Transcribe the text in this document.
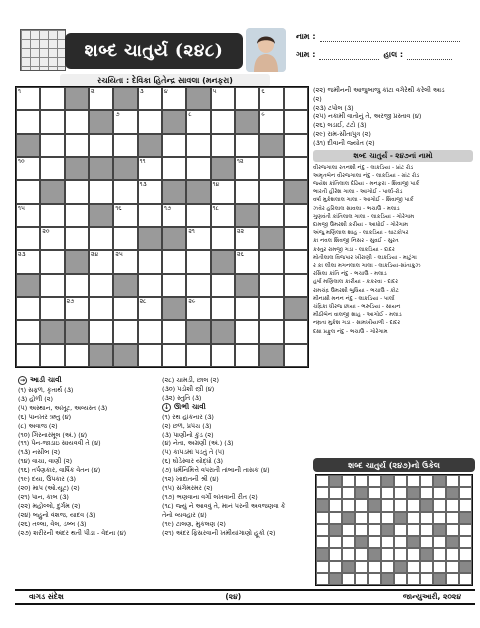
શબ્દ ચાતુર્ય (૨૪૮)
રચયિતા : દેવિકા હિતેન્દ્ર સાવલા (મનફરા)
નામ :
ગામ :	હાલ :
૧	૨	૩	૪	૫	૬
૭	૮	૯
૧૦	૧૧	૧૨
૧૩	૧૪
૧૫	૧૬	૧૭	૧૮
૨૦	૨૧	૨૨
૨૩	૨૪	૨૫	૨૬
૨૭	૨૮	૨૯
(૨૨) જમીનની આજુબાજુ કાંટા વગેરેથી કરેલી આડ
(૨)
(૨૩) ટપોલ (૩)
(૨૫) નકામી વાતોનું તે, અરજી પ્રસ્તાવ (૪)
(૨૬) લડાઈ, ટંટો (૩)
(૨૯) રામ-સીતાપુત્ર (૨)
(૩૧) દીવાની જ્યોત (૨)
શબ્દ ચાતુર્ય - ૨૪૭નાં નામો
વીરજગાલા રતનશી નંદુ - લાકડિયા - પ્રાંટ રોડ
અમૃતબેન વીરજગાલા નંદુ - લાકડિયા - ગ્રાંટ રોડ
જયેશ કાંતિલાલ દેઢિયા - મનફરા - શિવાજી પાર્ક
ભારતી હીરેશ ગાલા - આગોઈ - પાર્લા-રોડ
વર્ષા મુકેશલાલ ગાલા - આગોઈ - શિવાજી પાર્ક
ઝવેર હરિલાલ સાવલા - ભચાઉ - મલાડ
ગુણવંતી કાંતિલાલ ગાલા - લાકડિયા - ગોરેગામ
દામજી ઉમરશી કરીયા - આધોઈ - ગોરેગામ
અંજુ મણિલાલ શાહ - લાકડિયા - ઘાટકોપર
કા નવલ શિવજી નિસર - સુવઈ - સુરત
કસ્તુર રામજી ગડા - લાકડિયા - દાદર
મોતીલાલ વિજપાર ખીરાણી - લાકડિયા - માટુંગા
ર કા લીલા મગનલાલ ગાલા - લાકડિયા-સાંતાક્રુઝ
રસિલા કાંતિ નંદુ - ભચાઉ - મલાડ
હર્ષા મણિલાલ કારીયા - કકરવા - દાદર
રામચંદ્ર ઉમરશી બુધિયા - ભચાઉ - કોટ
મીનાક્ષી મનન નંદુ - લાકડિયા - પાર્લા
ચંદ્રિકા ધીરજ છાયા - ભરુડિયા - સાયન
મીઠીબેન વાલજી શાહ - આગોઈ - મલાડ
નમ્રતા મુકેશ ગડા - સામખીયાળી - દાદર
દક્ષા પ્રફુલ નંદુ - ભચાઉ - ગોરેગામ
શબ્દ ચાતુર્ય (૨૪૭)નો ઉકેલ
→ આડી ચાવી
(૧) સફળ, કૃતાર્થ (૩)
(૩) હોળી (૨)
(૫) અસ્થાન, અખૂટ, અવ્યસ્ત (૩)
(૬) પાનખર ઋતુ (૪)
(૮) અવાજ (૨)
(૧૦) ગિરનારમૂલ (અં.) (૪)
(૧૧) પેન-જાડાઇ સાયવવી તે (૪)
(૧૩) નસીબ (૨)
(૧૪) વાચા, વાણી (૨)
(૧૬) તર્પણકાર, વાર્ષિક વેતન (૪)
(૧૯) દયા, ઉપકાર (૩)
(૨૦) માપ (ઓ.યૂટ) (૨)
(૨૧) પાન, કાબ (૩)
(૨૨) મહોલ્લો, દુર્ગમ (૨)
(૨૪) બહુનો વંશજ, યાદવ (૩)
(૨૬) તલ્લા, વેલ, ડબ્બ (૩)
(૨૭) શરીરની અંદર થતી પીડા - વેદના (૪)
(૨૮) ચામડી, છાલ (૨)
(૩૦) પડોશી સ્ત્રી (૪)
(૩૨) સ્તુતિ (૩)
↓ ઊભી ચાવી
(૧) રથ હાંકનાર (૩)
(૨) છળ, પ્રપંચ (૩)
(૩) પાણીનો કુંડ (૨)
(૪) નેતા, અગ્રણી (અં.) (૩)
(૫) કાપડમાં પડતું તે (૫)
(૬) ઘોડેસ્વાર યોદ્ધો (૩)
(૭) ધર્મનિમિત્તે વપરાતી તાંબાની તાસક (૪)
(૧૨) ખાદાતની શ્રી (૪)
(૧૫) સંગેમરમર (૨)
(૧૭) ભણવાના વર્ગો લખવાની રીત (૨)
(૧૮) જ્યું ને આવવું તે, માનં પરની અવજણવા કે
તેનો વ્યવહાર (૪)
(૧૯) ટાલણ, મુકલણ (૨)
(૨૧) અંદર ફિસરવાની ખમીયાંગાણો હૂકો (૨)
વાગડ સંદેશ	(૨૪)	જાન્યુઆરી, ૨૦૨૪
